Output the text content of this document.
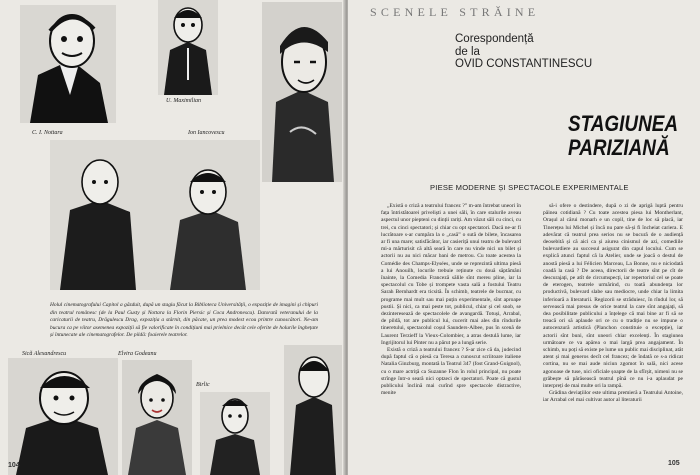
U. Maximilian
C. I. Nottara	Ion Iancovescu
Holul cinematografului Capitol a găzduit, după un stagiu făcut la Biblioteca Universității, o expoziție de imagini și chipuri din teatrul românesc (de la Paul Gusty și Nottara la Florin Piersic și Coca Andronescu). Datorată veteranului de la caricaturii de teatru, Drăgulescu Drag, expoziția a stârnit, din păcate, un prea modest ecou printre cunoscători. Ne-am bucura ca pe viitor asemenea expoziții să fie valorificate în condițiuni mai prielnice decât cele oferite de holurile înghețate și întunecate ale cinematografelor. De pildă: foaierele teatrelor.
Sică Alexandrescu	Elvira Godeanu
Birlic
104
SCENELE STRĂINE
Corespondență
de la
OVID CONSTANTINESCU
STAGIUNEA
PARIZIANĂ
PIESE MODERNE ȘI SPECTACOLE EXPERIMENTALE

„Există o criză a teatrului francez ?” m-am întrebat uneori în fața întristătoarei priveliști a unei săli, în care stalurile aveau aspectul unor piepteni cu dinții rariți. Am văzut săli cu cinci, cu trei, cu cinci spectatori; și chiar cu opt spectatori. Dacă ne-ar fi lucrătoare s-ar cumpăra la o „casă” o sută de bilete, încasarea ar fi una mare; satisfăcător, iar casieriță unui teatru de bulevard mi-a mărturisit că altă seară în care nu vinde nici un bilet și actorii nu au nici măcar bani de metrou. Cu toate acestea la Comédie des Champs-Elysées, unde se reprezintă ultima piesă a lui Anouilh, locurile trebuie reținute cu două săptămâni înainte, la Comedia Franceză sălile sînt mereu pline, iar la spectacolul cu Tobe și trompete vasta sală a fostului Teatru Sarah Bernhardt era ticsită. În schimb, teatrele de bucmar, cu programe mai mult sau mai puțin experimentale, sînt aproape pustii. Și nici, ca mai peste tot, publicul, chiar și cel snob, se dezinteresează de spectacolele de avangardă. Totuși, Arrabal, de pildă, tot are publicul lui, cucerit mai ales din rîndurile tineretului, spectacolul coșul Saunders-Albee, pus în scenă de Laurent Terzieff la Vieux-Colombier, a atras destulă lume, iar Ingrijitorul lui Pinter nu a părut pe a lungă serie.

Există o criză a teatrului francez ? S-ar zice că da, judecind după faptul că o piesă ca Teresa a cunoscut scriitoare italiene Natalia Ginzburg, montată la Teatrul 347 (fost Grand-Guignol), cu o mare actriță ca Suzanne Flon în rolul principal, nu poate strînge într-o seară nici optzeci de spectatori. Poate că gustul publicului înclină mai curînd spre spectacole distractive, menite

să-i ofere o destindere, după o zi de aprigă luptă pentru pâinea cotidiană ? Cu toate acestea piesa lui Montherlant, Orașul al cărui monarh e un copil, tine de loc să placă, iar Tinerețea lui Michel și încă nu pare să-și fi încheiat cariera. E adevărat că teatrul prea serios nu se bucură de o audiență deosebită și că aici ca și aiurea cinismul de azi, comediile bulevardiere au succesul asigurat din capul locului. Cum se explică atunci faptul că la Atelier, unde se joacă o destul de anostă piesă a lui Félicien Marceau, La Bonne, nu e niciodată coadă la casă ? De aceea, directorii de teatre sînt pe cît de descurajați, pe atît de circumspecți, iar repertoriul cel se poate de eterogen, teatrele urmărind, cu toată abundența lor productivă, bulevard slabe sau mediocre, unde chiar la limita inferioară a literaturii. Regizorii se străduiesc, în rîndul lor, să servească mai presus de orice teatrul la care sînt angajați, să dea posibilitate publicului a înțelege că mai bine ar fi să se treacă ori să aplaude ori ce cu o tradiție nu se impune o autocenzură artistică (Planchon constituie o excepție), iar actorii sînt buni, sînt uneori chiar excelenți. În stagiunea următoare ce va apărea o mai largă prea angajament. În schimb, nu poți să existe pe lume un public mai disciplinat, atât atent și mai generos decît cel francez; de îndată ce s-a ridicat cortina, nu se mai aude niciun zgomot în sală, nici acese agonoase de tuse, nici oficiale șoapte de la sfîrșit, nimeni nu se grăbește să părăsească teatrul pînă ce nu i-a aplaudat pe interpreți de mai multe ori la rampă.

Grădina deviațiilor este ultima premieră a Teatrului Antoine, iar Arrabal cel mai cultivat autor al literaturii

105
